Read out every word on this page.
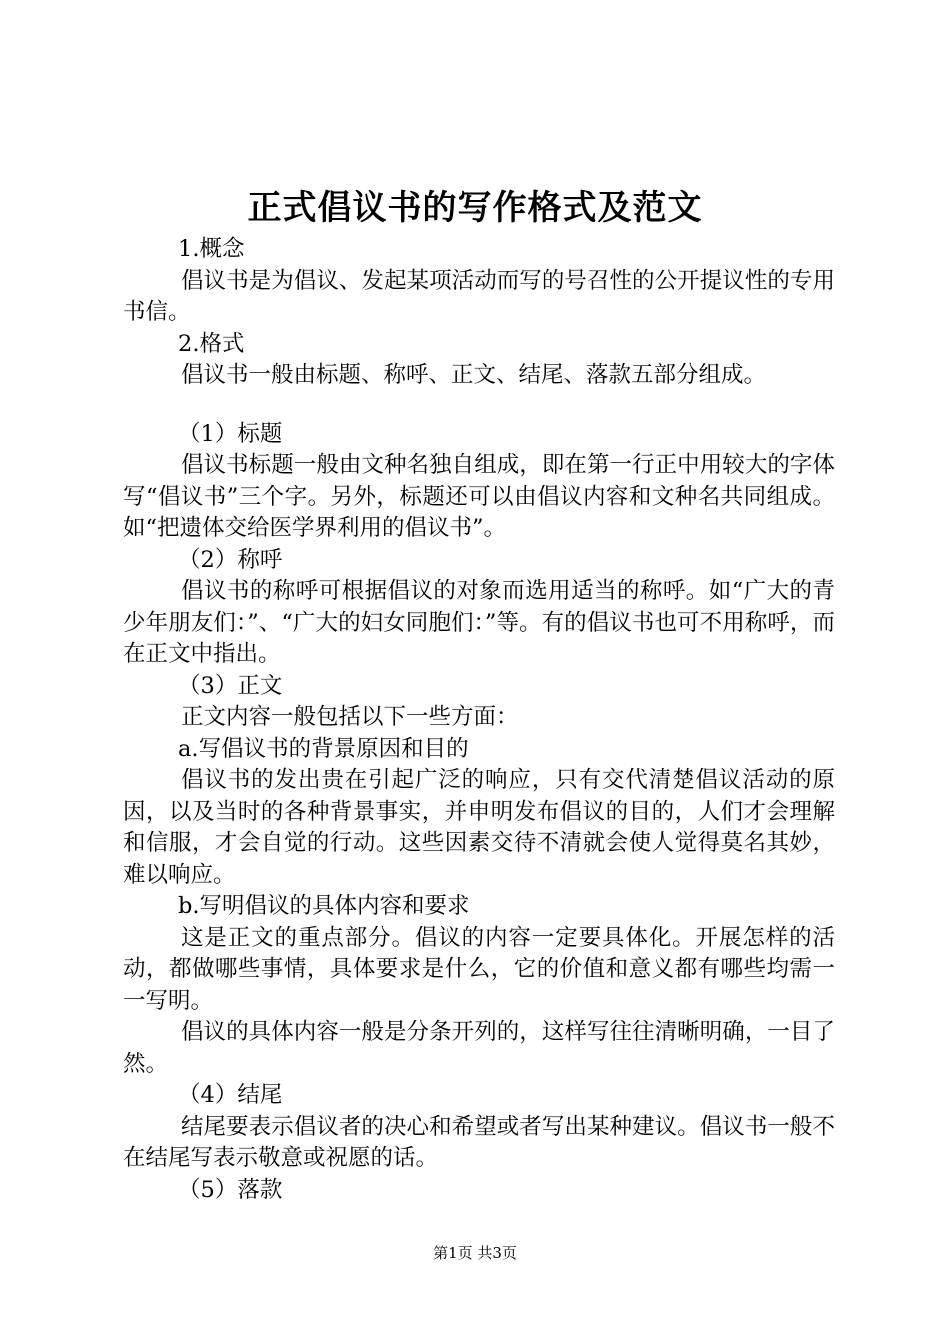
正式倡议书的写作格式及范文

1.概念

倡议书是为倡议、发起某项活动而写的号召性的公开提议性的专用书信。

2.格式

倡议书一般由标题、称呼、正文、结尾、落款五部分组成。

（1）标题

倡议书标题一般由文种名独自组成，即在第一行正中用较大的字体写“倡议书”三个字。另外，标题还可以由倡议内容和文种名共同组成。如“把遗体交给医学界利用的倡议书”。

（2）称呼

倡议书的称呼可根据倡议的对象而选用适当的称呼。如“广大的青少年朋友们：”、“广大的妇女同胞们：”等。有的倡议书也可不用称呼，而在正文中指出。

（3）正文

正文内容一般包括以下一些方面：

a.写倡议书的背景原因和目的

倡议书的发出贵在引起广泛的响应，只有交代清楚倡议活动的原因，以及当时的各种背景事实，并申明发布倡议的目的，人们才会理解和信服，才会自觉的行动。这些因素交待不清就会使人觉得莫名其妙，难以响应。

b.写明倡议的具体内容和要求

这是正文的重点部分。倡议的内容一定要具体化。开展怎样的活动，都做哪些事情，具体要求是什么，它的价值和意义都有哪些均需一一写明。

倡议的具体内容一般是分条开列的，这样写往往清晰明确，一目了然。

（4）结尾

结尾要表示倡议者的决心和希望或者写出某种建议。倡议书一般不在结尾写表示敬意或祝愿的话。

（5）落款

第1页 共3页
